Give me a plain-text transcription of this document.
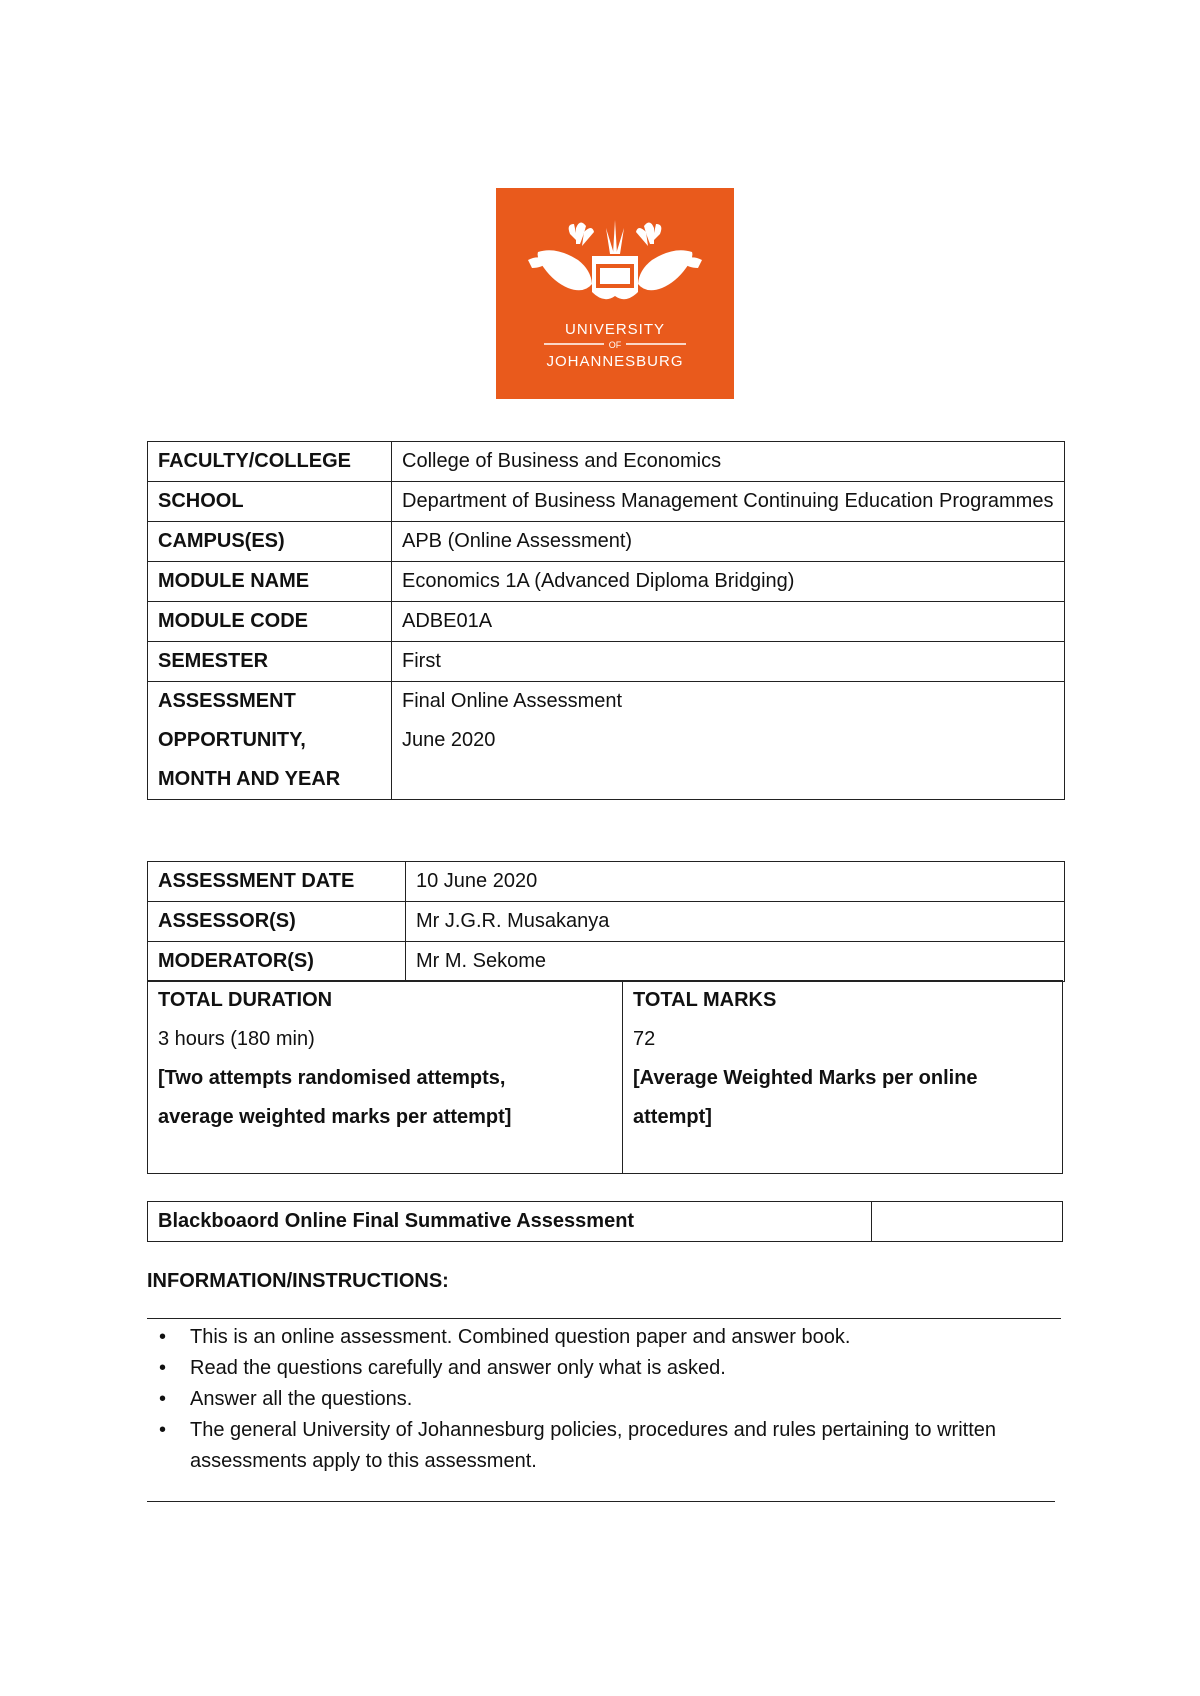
UNIVERSITY
OF
JOHANNESBURG
FACULTY/COLLEGE	College of Business and Economics
SCHOOL	Department of Business Management Continuing Education Programmes
CAMPUS(ES)	APB (Online Assessment)
MODULE NAME	Economics 1A (Advanced Diploma Bridging)
MODULE CODE	ADBE01A
SEMESTER	First
ASSESSMENT OPPORTUNITY, MONTH AND YEAR	Final Online Assessment
June 2020
ASSESSMENT DATE	10 June 2020
ASSESSOR(S)	Mr J.G.R. Musakanya
MODERATOR(S)	Mr M. Sekome
TOTAL DURATION
3 hours (180 min)
[Two attempts randomised attempts, average weighted marks per attempt]

TOTAL MARKS
72
[Average Weighted Marks per online attempt]
Blackboaord Online Final Summative Assessment	
INFORMATION/INSTRUCTIONS:
• This is an online assessment. Combined question paper and answer book.
• Read the questions carefully and answer only what is asked.
• Answer all the questions.
• The general University of Johannesburg policies, procedures and rules pertaining to written assessments apply to this assessment.
